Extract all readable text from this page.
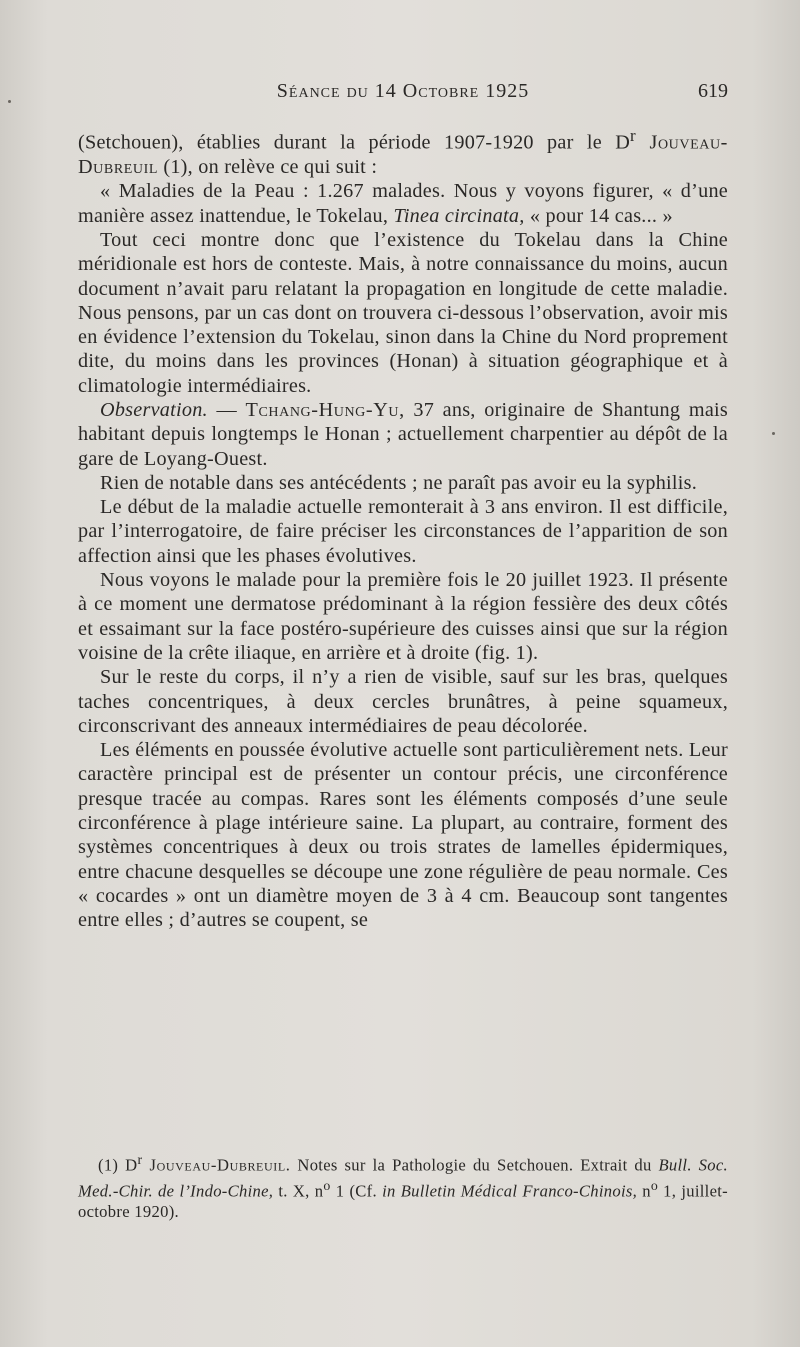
Séance du 14 Octobre 1925	619

(Setchouen), établies durant la période 1907-1920 par le $D^r$ Jouveau-Dubreuil (1), on relève ce qui suit :

« Maladies de la Peau : 1.267 malades. Nous y voyons figurer, « d’une manière assez inattendue, le Tokelau, Tinea circinata, « pour 14 cas... »

Tout ceci montre donc que l’existence du Tokelau dans la Chine méridionale est hors de conteste. Mais, à notre connaissance du moins, aucun document n’avait paru relatant la propagation en longitude de cette maladie. Nous pensons, par un cas dont on trouvera ci-dessous l’observation, avoir mis en évidence l’extension du Tokelau, sinon dans la Chine du Nord proprement dite, du moins dans les provinces (Honan) à situation géographique et à climatologie intermédiaires.

Observation. — Tchang-Hung-Yu, 37 ans, originaire de Shantung mais habitant depuis longtemps le Honan ; actuellement charpentier au dépôt de la gare de Loyang-Ouest.

Rien de notable dans ses antécédents ; ne paraît pas avoir eu la syphilis.

Le début de la maladie actuelle remonterait à 3 ans environ. Il est difficile, par l’interrogatoire, de faire préciser les circonstances de l’apparition de son affection ainsi que les phases évolutives.

Nous voyons le malade pour la première fois le 20 juillet 1923. Il présente à ce moment une dermatose prédominant à la région fessière des deux côtés et essaimant sur la face postéro-supérieure des cuisses ainsi que sur la région voisine de la crête iliaque, en arrière et à droite (fig. 1).

Sur le reste du corps, il n’y a rien de visible, sauf sur les bras, quelques taches concentriques, à deux cercles brunâtres, à peine squameux, circonscrivant des anneaux intermédiaires de peau décolorée.

Les éléments en poussée évolutive actuelle sont particulièrement nets. Leur caractère principal est de présenter un contour précis, une circonférence presque tracée au compas. Rares sont les éléments composés d’une seule circonférence à plage intérieure saine. La plupart, au contraire, forment des systèmes concentriques à deux ou trois strates de lamelles épidermiques, entre chacune desquelles se découpe une zone régulière de peau normale. Ces « cocardes » ont un diamètre moyen de 3 à 4 cm. Beaucoup sont tangentes entre elles ; d’autres se coupent, se

(1) $D^r$ Jouveau-Dubreuil. Notes sur la Pathologie du Setchouen. Extrait du Bull. Soc. Med.-Chir. de l’Indo-Chine, t. X, $n^o$ 1 (Cf. in Bulletin Médical Franco-Chinois, $n^o$ 1, juillet-octobre 1920).
